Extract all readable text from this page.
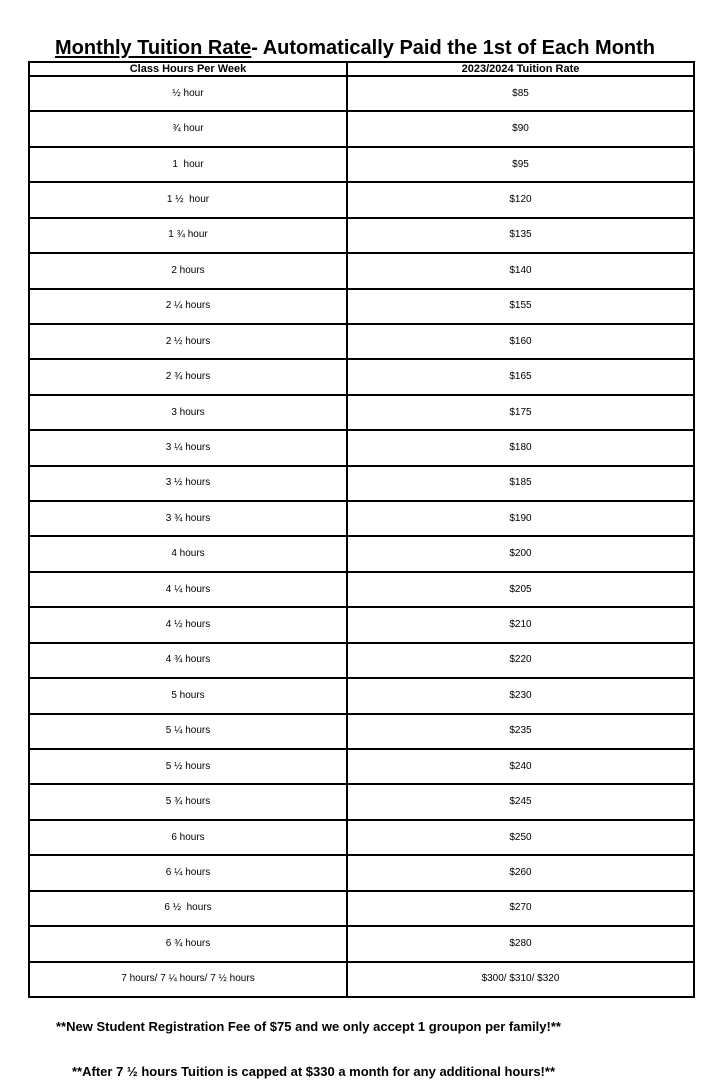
Monthly Tuition Rate- Automatically Paid the 1st of Each Month
Class Hours Per Week	2023/2024 Tuition Rate
½ hour	$85
¾ hour	$90
1  hour	$95
1 ½  hour	$120
1 ¾ hour	$135
2 hours	$140
2 ¼ hours	$155
2 ½ hours	$160
2 ¾ hours	$165
3 hours	$175
3 ¼ hours	$180
3 ½ hours	$185
3 ¾ hours	$190
4 hours	$200
4 ¼ hours	$205
4 ½ hours	$210
4 ¾ hours	$220
5 hours	$230
5 ¼ hours	$235
5 ½ hours	$240
5 ¾ hours	$245
6 hours	$250
6 ¼ hours	$260
6 ½  hours	$270
6 ¾ hours	$280
7 hours/ 7 ¼ hours/ 7 ½ hours	$300/ $310/ $320
**New Student Registration Fee of $75 and we only accept 1 groupon per family!**
**After 7 ½ hours Tuition is capped at $330 a month for any additional hours!**
